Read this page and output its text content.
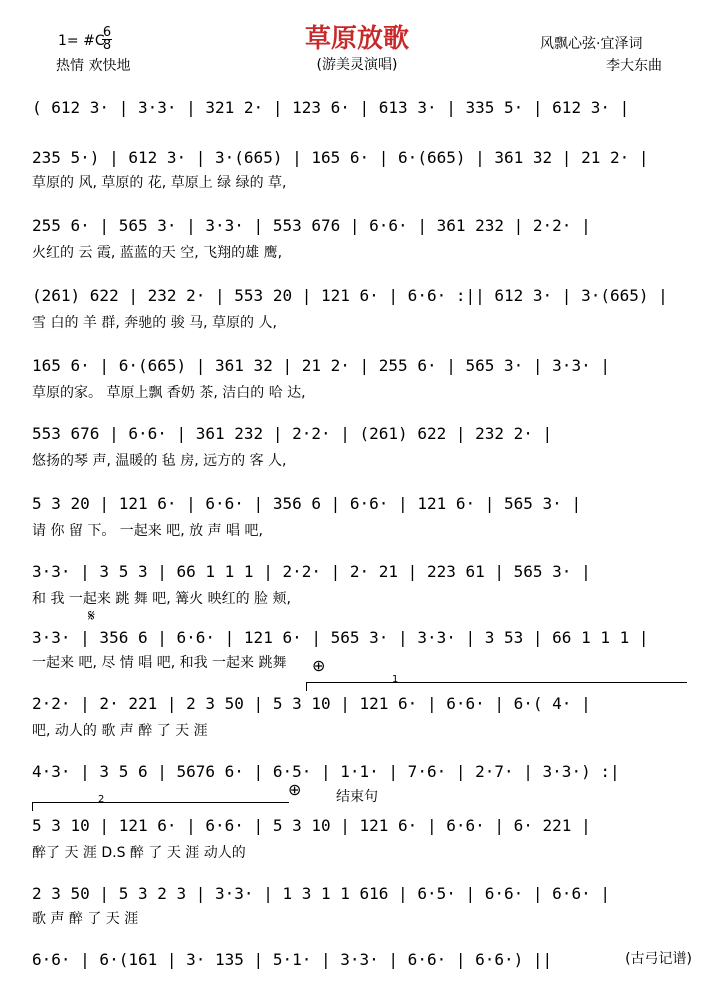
草原放歌
(游美灵演唱)
1= #C
6
8
热情 欢快地
风飘心弦·宜泽词
李大东曲
( 612 3· | 3·3· | 321 2· | 123 6· | 613 3· | 335 5· | 612 3· |
235 5·) | 612 3· | 3·(665) | 165 6· | 6·(665) | 361 32 | 21 2· |
草原的 风, 草原的 花, 草原上 绿 绿的 草,
255 6· | 565 3· | 3·3· | 553 676 | 6·6· | 361 232 | 2·2· |
火红的 云 霞, 蓝蓝的天 空, 飞翔的雄 鹰,
(261) 622 | 232 2· | 553 20 | 121 6· | 6·6· :|| 612 3· | 3·(665) |
雪 白的 羊 群, 奔驰的 骏 马, 草原的 人,
165 6· | 6·(665) | 361 32 | 21 2· | 255 6· | 565 3· | 3·3· |
草原的家。 草原上飘 香奶 茶, 洁白的 哈 达,
553 676 | 6·6· | 361 232 | 2·2· | (261) 622 | 232 2· |
悠扬的琴 声, 温暖的 毡 房, 远方的 客 人,
5 3 20 | 121 6· | 6·6· | 356 6 | 6·6· | 121 6· | 565 3· |
请 你 留 下。 一起来 吧, 放 声 唱 吧,
3·3· | 3 5 3 | 66 1 1 1 | 2·2· | 2· 21 | 223 61 | 565 3· |
和 我 一起来 跳 舞 吧, 篝火 映红的 脸 颊,
𝄋
3·3· | 356 6 | 6·6· | 121 6· | 565 3· | 3·3· | 3 53 | 66 1 1 1 |
一起来 吧, 尽 情 唱 吧, 和我 一起来 跳舞 ⊕
1
2·2· | 2· 221 | 2 3 50 | 5 3 10 | 121 6· | 6·6· | 6·( 4· |
吧, 动人的 歌 声 醉 了 天 涯
4·3· | 3 5 6 | 5676 6· | 6·5· | 1·1· | 7·6· | 2·7· | 3·3·) :|
⊕ 结束句
2
5 3 10 | 121 6· | 6·6· | 5 3 10 | 121 6· | 6·6· | 6· 221 |
醉了 天 涯 D.S 醉 了 天 涯 动人的
2 3 50 | 5 3 2 3 | 3·3· | 1 3 1 1 616 | 6·5· | 6·6· | 6·6· |
歌 声 醉 了 天 涯
6·6· | 6·(161 | 3· 135 | 5·1· | 3·3· | 6·6· | 6·6·) ||	(古弓记谱)
